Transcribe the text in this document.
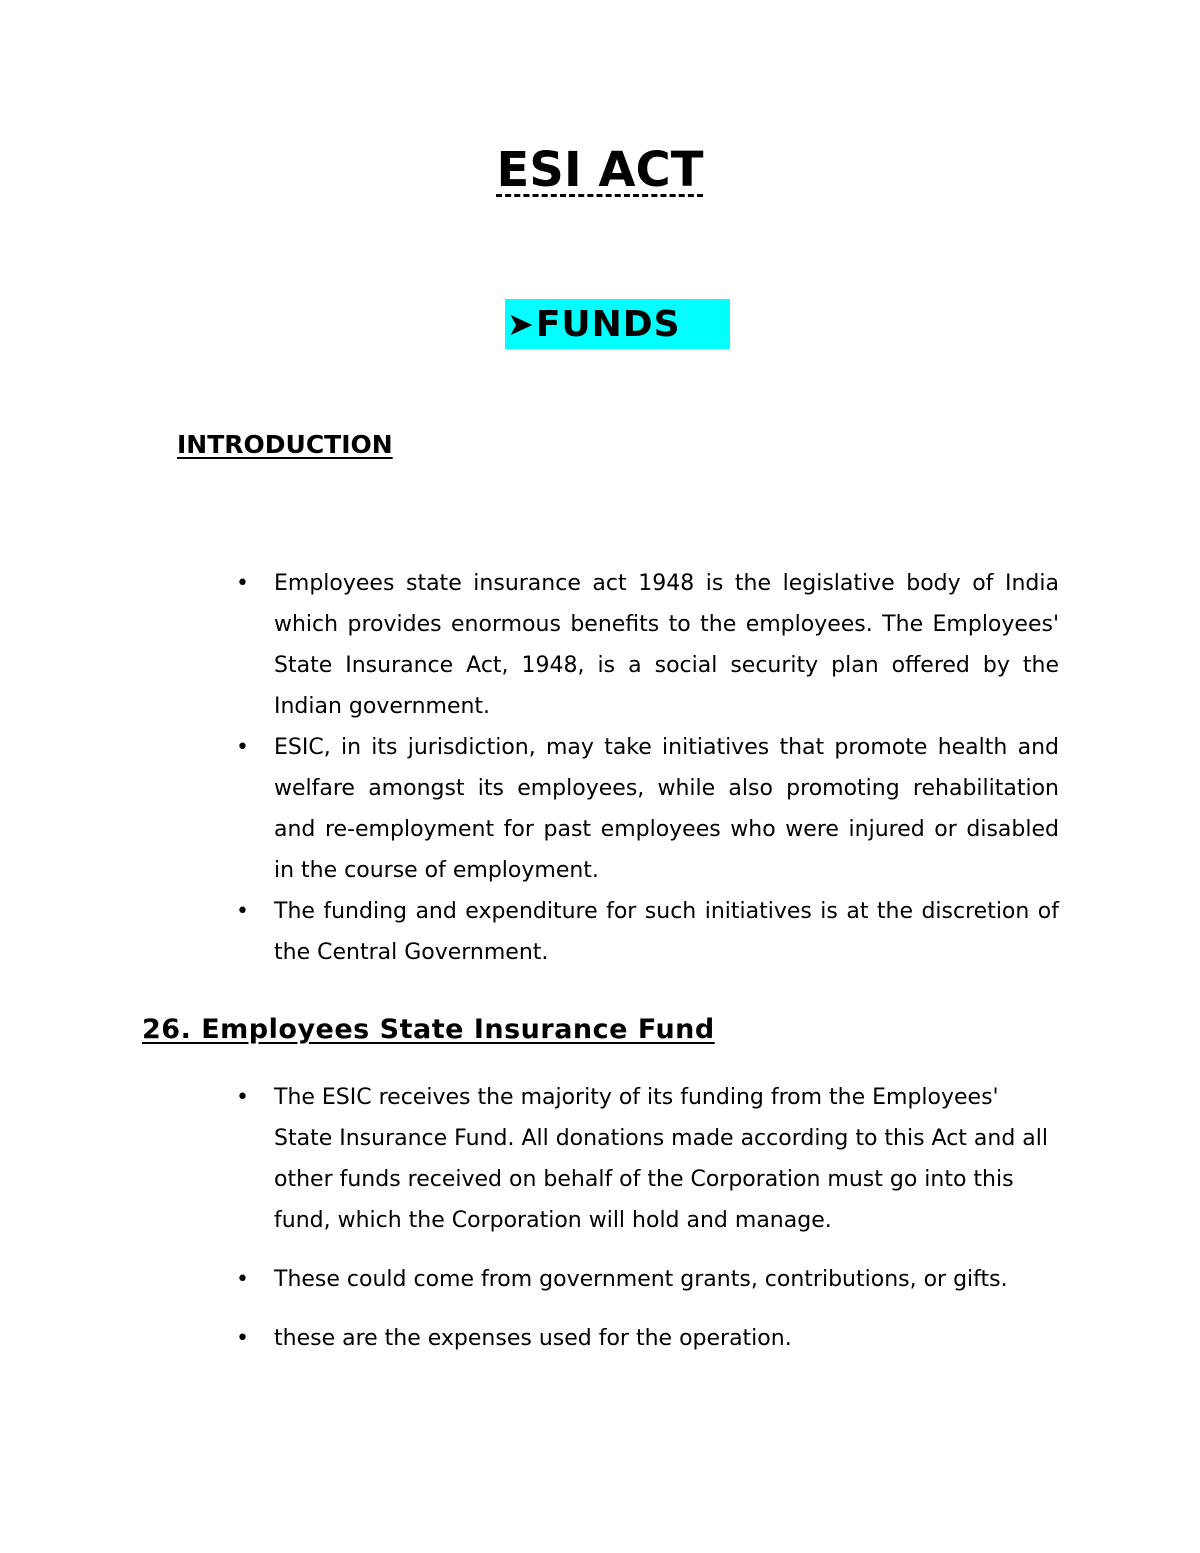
ESI ACT
➤ FUNDS
INTRODUCTION
• Employees state insurance act 1948 is the legislative body of India which provides enormous benefits to the employees. The Employees' State Insurance Act, 1948, is a social security plan offered by the Indian government.
• ESIC, in its jurisdiction, may take initiatives that promote health and welfare amongst its employees, while also promoting rehabilitation and re-employment for past employees who were injured or disabled in the course of employment.
• The funding and expenditure for such initiatives is at the discretion of the Central Government.
26. Employees State Insurance Fund
• The ESIC receives the majority of its funding from the Employees' State Insurance Fund. All donations made according to this Act and all other funds received on behalf of the Corporation must go into this fund, which the Corporation will hold and manage.
• These could come from government grants, contributions, or gifts.
• these are the expenses used for the operation.
